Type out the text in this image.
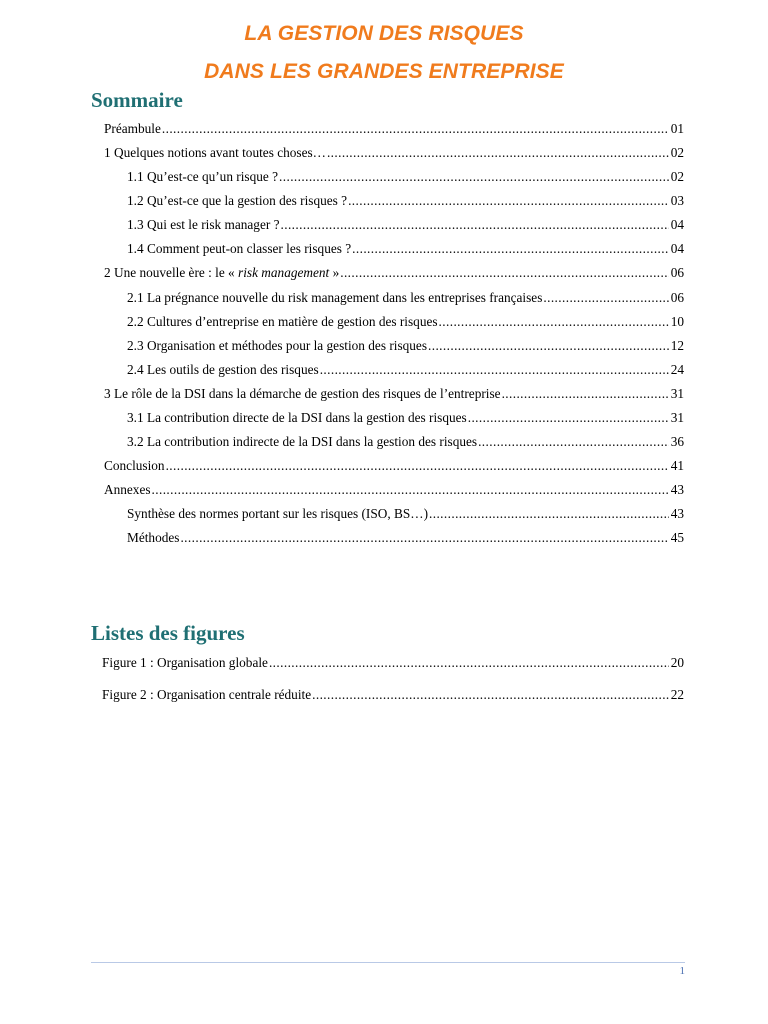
LA GESTION DES RISQUES
DANS LES GRANDES ENTREPRISE
Sommaire
Préambule .....	01
1 Quelques notions avant toutes choses… .....	02
1.1 Qu’est-ce qu’un risque ? .....	02
1.2 Qu’est-ce que la gestion des risques ? .....	03
1.3 Qui est le risk manager ? .....	04
1.4 Comment peut-on classer les risques ? .....	04
2 Une nouvelle ère : le « risk management » .....	06
2.1 La prégnance nouvelle du risk management dans les entreprises françaises .....	06
2.2 Cultures d’entreprise en matière de gestion des risques .....	10
2.3 Organisation et méthodes pour la gestion des risques .....	12
2.4 Les outils de gestion des risques .....	24
3 Le rôle de la DSI dans la démarche de gestion des risques de l’entreprise .....	31
3.1 La contribution directe de la DSI dans la gestion des risques .....	31
3.2 La contribution indirecte de la DSI dans la gestion des risques .....	36
Conclusion .....	41
Annexes .....	43
Synthèse des normes portant sur les risques (ISO, BS…) .....	43
Méthodes .....	45
Listes des figures
Figure 1 : Organisation globale .....	20
Figure 2 : Organisation centrale réduite .....	22
1
